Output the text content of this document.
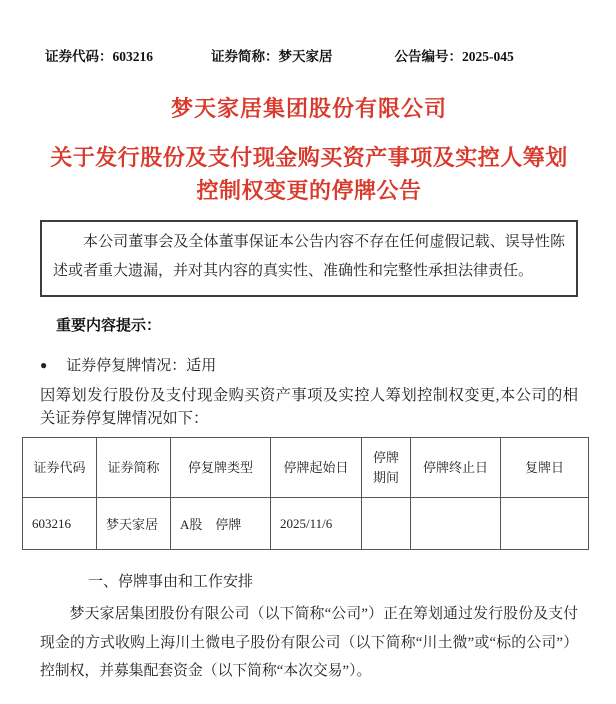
证券代码：603216	证券简称：梦天家居	公告编号：2025-045
梦天家居集团股份有限公司
关于发行股份及支付现金购买资产事项及实控人筹划
控制权变更的停牌公告
本公司董事会及全体董事保证本公告内容不存在任何虚假记载、误导性陈述或者重大遗漏，并对其内容的真实性、准确性和完整性承担法律责任。
重要内容提示：
● 证券停复牌情况：适用
因筹划发行股份及支付现金购买资产事项及实控人筹划控制权变更,本公司的相关证券停复牌情况如下：
证券代码	证券简称	停复牌类型	停牌起始日	停牌期间	停牌终止日	复牌日
603216	梦天家居	A股　停牌	2025/11/6			
一、停牌事由和工作安排
梦天家居集团股份有限公司（以下简称“公司”）正在筹划通过发行股份及支付现金的方式收购上海川土微电子股份有限公司（以下简称“川土微”或“标的公司”）控制权，并募集配套资金（以下简称“本次交易”）。
